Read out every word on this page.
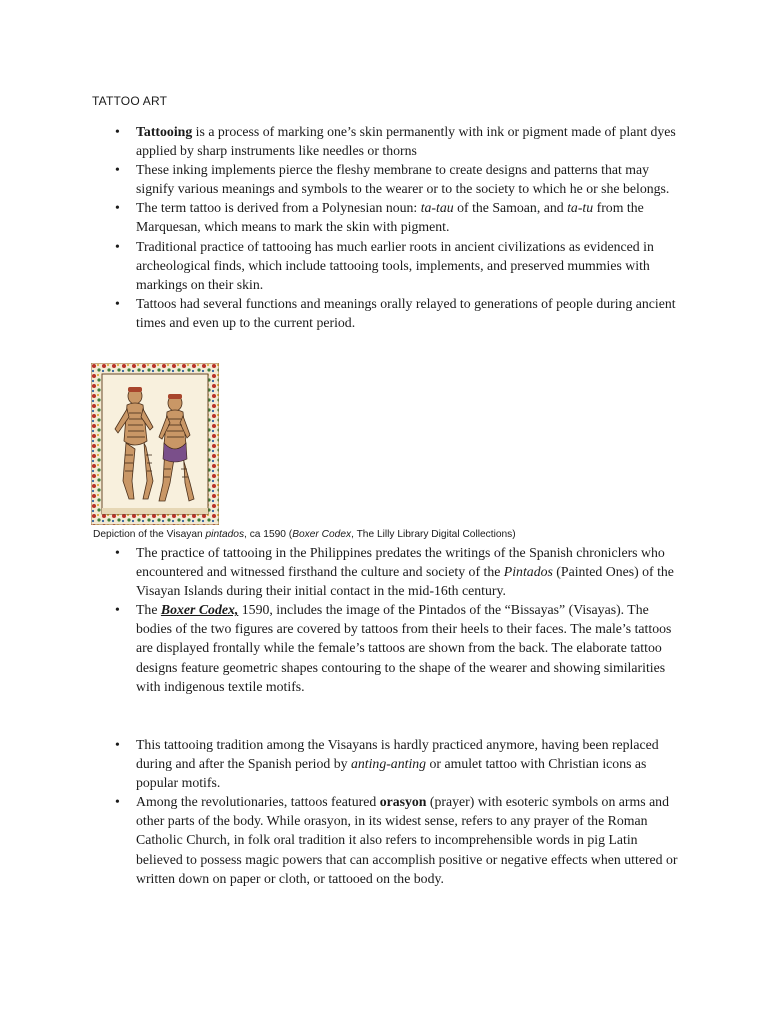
TATTOO ART
• Tattooing is a process of marking one’s skin permanently with ink or pigment made of plant dyes applied by sharp instruments like needles or thorns
• These inking implements pierce the fleshy membrane to create designs and patterns that may signify various meanings and symbols to the wearer or to the society to which he or she belongs.
• The term tattoo is derived from a Polynesian noun: ta-tau of the Samoan, and ta-tu from the Marquesan, which means to mark the skin with pigment.
• Traditional practice of tattooing has much earlier roots in ancient civilizations as evidenced in archeological finds, which include tattooing tools, implements, and preserved mummies with markings on their skin.
• Tattoos had several functions and meanings orally relayed to generations of people during ancient times and even up to the current period.
Depiction of the Visayan pintados, ca 1590 (Boxer Codex, The Lilly Library Digital Collections)
• The practice of tattooing in the Philippines predates the writings of the Spanish chroniclers who encountered and witnessed firsthand the culture and society of the Pintados (Painted Ones) of the Visayan Islands during their initial contact in the mid-16th century.
• The Boxer Codex, 1590, includes the image of the Pintados of the “Bissayas” (Visayas). The bodies of the two figures are covered by tattoos from their heels to their faces. The male’s tattoos are displayed frontally while the female’s tattoos are shown from the back. The elaborate tattoo designs feature geometric shapes contouring to the shape of the wearer and showing similarities with indigenous textile motifs.
• This tattooing tradition among the Visayans is hardly practiced anymore, having been replaced during and after the Spanish period by anting-anting or amulet tattoo with Christian icons as popular motifs.
• Among the revolutionaries, tattoos featured orasyon (prayer) with esoteric symbols on arms and other parts of the body. While orasyon, in its widest sense, refers to any prayer of the Roman Catholic Church, in folk oral tradition it also refers to incomprehensible words in pig Latin believed to possess magic powers that can accomplish positive or negative effects when uttered or written down on paper or cloth, or tattooed on the body.
